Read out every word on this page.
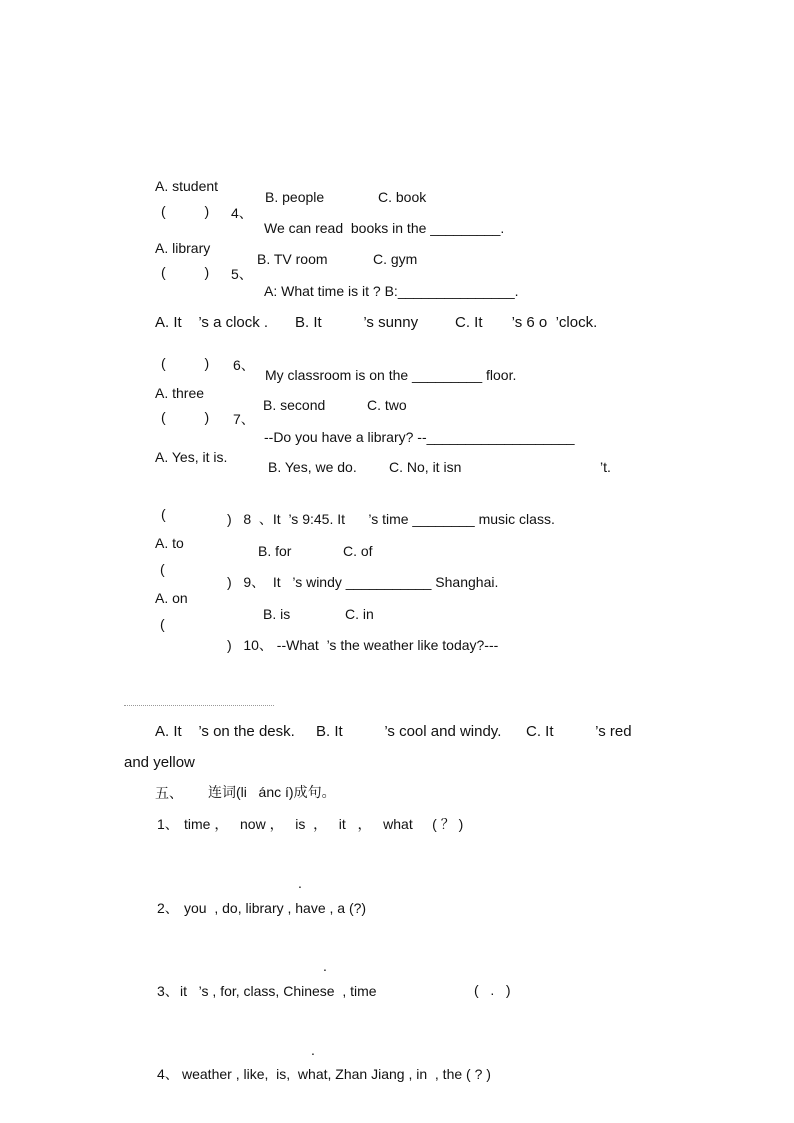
A. student
B. people	C. book
(          ) 4、
We can read  books in the _________.
A. library
B. TV room	C. gym
(          ) 5、
A: What time is it ? B:_______________.
A. It    ’s a clock . B. It          ’s sunny C. It       ’s 6 o  ’clock.
(          ) 6、
My classroom is on the _________ floor.
A. three
B. second	C. two
(          ) 7、
--Do you have a library? --___________________
A. Yes, it is.
B. Yes, we do. C. No, it isn	’t.
(	)   8  、It  ’s 9:45. It      ’s time ________ music class.
A. to	B. for	C. of
(
)   9、  It   ’s windy ___________ Shanghai.
A. on
B. is	C. in
(
)   10、 --What  ’s the weather like today?---
A. It    ’s on the desk. B. It          ’s cool and windy. C. It          ’s red
and yellow
五、 连词(li   ánc í)成句。
1、 time ，   now ，   is  ，   it   ，   what     ( ？ )
.
2、 you  , do, library , have , a (?)
.
3、 it   ’s , for, class, Chinese  , time	(   .   )
.
4、 weather , like,  is,  what, Zhan Jiang , in  , the ( ? )
